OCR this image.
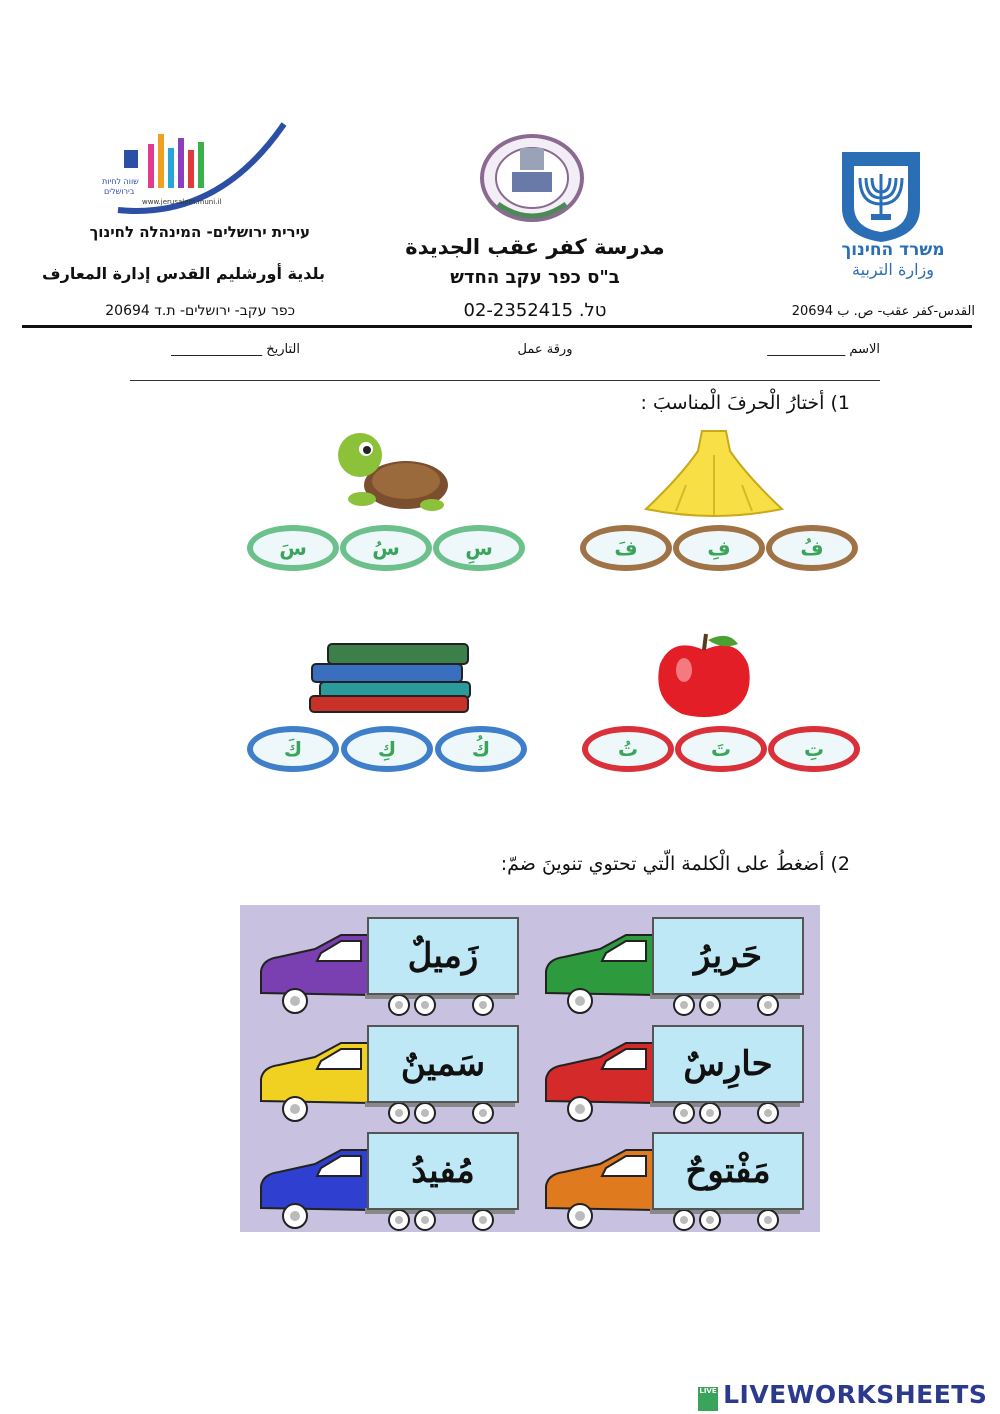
משרד החינוך
وزارة التربية
القدس-كفر عقب- ص. ب 20694
مدرسة كفر عقب الجديدة
ב"ס כפר עקב החדש
טל. 02-2352415
שווה לחיות
בירושלים
www.jerusalem.muni.il
עירית ירושלים- המינהלה לחינוך
بلدية أورشليم القدس إدارة المعارف
כפר עקב- ירושלים- ת.ד 20694
الاسم ____________
ورقة عمل
التاريخ ______________
1) أختارُ الْحرفَ الْمناسبَ :
فُ
فِ
فَ
سِ
سُ
سَ
تِ
تَ
تُ
كُ
كِ
كَ
2) أضغطُ على الْكلمة الّتي تحتوي تنوينَ ضمّ:
حَريرُ
زَميلٌ
حارِسٌ
سَمينٌ
مَفْتوحٌ
مُفيدُ
LIVE LIVEWORKSHEETS
